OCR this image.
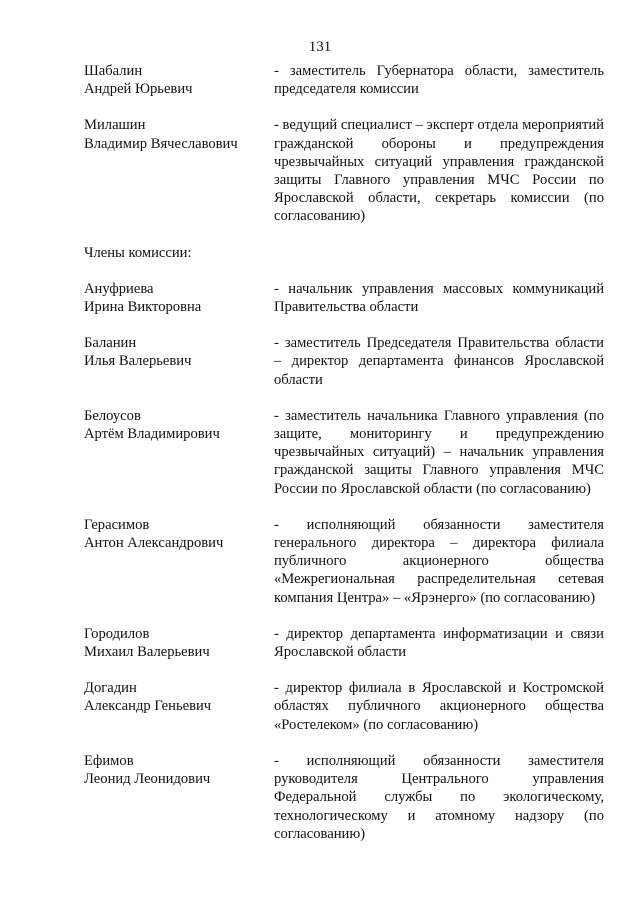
131
Шабалин
Андрей Юрьевич
- заместитель Губернатора области, заместитель председателя комиссии
Милашин
Владимир Вячеславович
- ведущий специалист – эксперт отдела мероприятий гражданской обороны и предупреждения чрезвычайных ситуаций управления гражданской защиты Главного управления МЧС России по Ярославской области, секретарь комиссии (по согласованию)

Члены комиссии:

Ануфриева
Ирина Викторовна
- начальник управления массовых коммуникаций Правительства области
Баланин
Илья Валерьевич
- заместитель Председателя Правительства области – директор департамента финансов Ярославской области
Белоусов
Артём Владимирович
- заместитель начальника Главного управления (по защите, мониторингу и предупреждению чрезвычайных ситуаций) – начальник управления гражданской защиты Главного управления МЧС России по Ярославской области (по согласованию)
Герасимов
Антон Александрович
- исполняющий обязанности заместителя генерального директора – директора филиала публичного акционерного общества «Межрегиональная распределительная сетевая компания Центра» – «Ярэнерго» (по согласованию)
Городилов
Михаил Валерьевич
- директор департамента информатизации и связи Ярославской области
Догадин
Александр Геньевич
- директор филиала в Ярославской и Костромской областях публичного акционерного общества «Ростелеком» (по согласованию)
Ефимов
Леонид Леонидович
- исполняющий обязанности заместителя руководителя Центрального управления Федеральной службы по экологическому, технологическому и атомному надзору (по согласованию)
